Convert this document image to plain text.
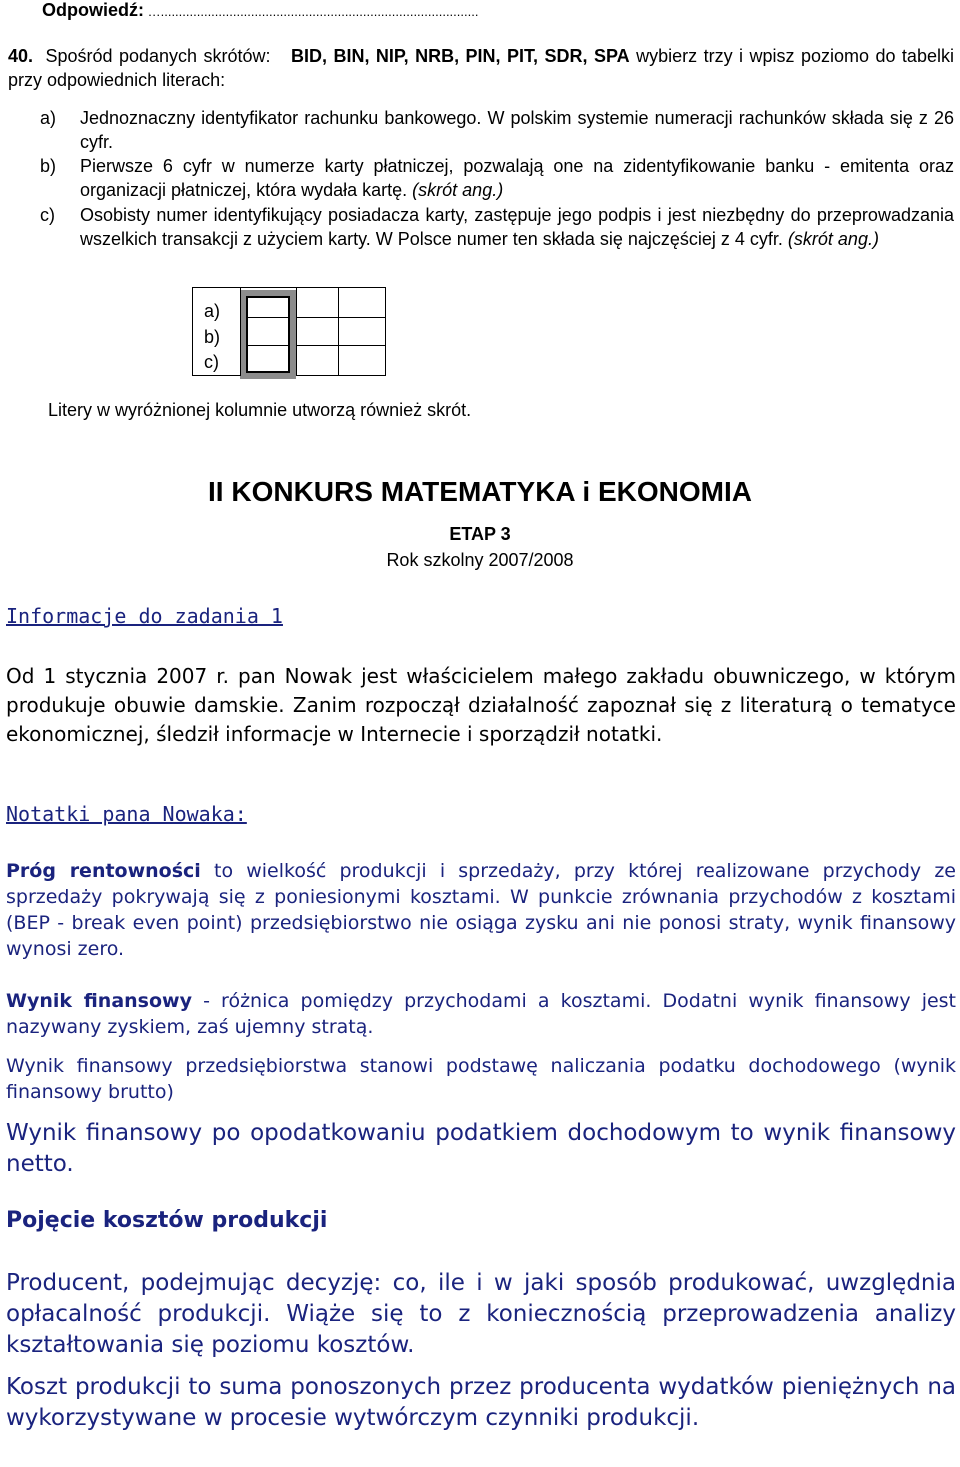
Odpowiedź: …........................................................................................
40. Spośród podanych skrótów: BID, BIN, NIP, NRB, PIN, PIT, SDR, SPA wybierz trzy i wpisz poziomo do tabelki przy odpowiednich literach:
a) Jednoznaczny identyfikator rachunku bankowego. W polskim systemie numeracji rachunków składa się z 26 cyfr.
b) Pierwsze 6 cyfr w numerze karty płatniczej, pozwalają one na zidentyfikowanie banku - emitenta oraz organizacji płatniczej, która wydała kartę. (skrót ang.)
c) Osobisty numer identyfikujący posiadacza karty, zastępuje jego podpis i jest niezbędny do przeprowadzania wszelkich transakcji z użyciem karty. W Polsce numer ten składa się najczęściej z 4 cyfr. (skrót ang.)
a)
b)
c)
Litery w wyróżnionej kolumnie utworzą również skrót.
II KONKURS MATEMATYKA i EKONOMIA
ETAP 3
Rok szkolny 2007/2008
Informacje do zadania 1
Od 1 stycznia 2007 r. pan Nowak jest właścicielem małego zakładu obuwniczego, w którym produkuje obuwie damskie. Zanim rozpoczął działalność zapoznał się z literaturą o tematyce ekonomicznej, śledził informacje w Internecie i sporządził notatki.
Notatki pana Nowaka:
Próg rentowności to wielkość produkcji i sprzedaży, przy której realizowane przychody ze sprzedaży pokrywają się z poniesionymi kosztami. W punkcie zrównania przychodów z kosztami (BEP - break even point) przedsiębiorstwo nie osiąga zysku ani nie ponosi straty, wynik finansowy wynosi zero.
Wynik finansowy - różnica pomiędzy przychodami a kosztami. Dodatni wynik finansowy jest nazywany zyskiem, zaś ujemny stratą.
Wynik finansowy przedsiębiorstwa stanowi podstawę naliczania podatku dochodowego (wynik finansowy brutto)
Wynik finansowy po opodatkowaniu podatkiem dochodowym to wynik finansowy netto.
Pojęcie kosztów produkcji
Producent, podejmując decyzję: co, ile i w jaki sposób produkować, uwzględnia opłacalność produkcji. Wiąże się to z koniecznością przeprowadzenia analizy kształtowania się poziomu kosztów.
Koszt produkcji to suma ponoszonych przez producenta wydatków pieniężnych na wykorzystywane w procesie wytwórczym czynniki produkcji.
